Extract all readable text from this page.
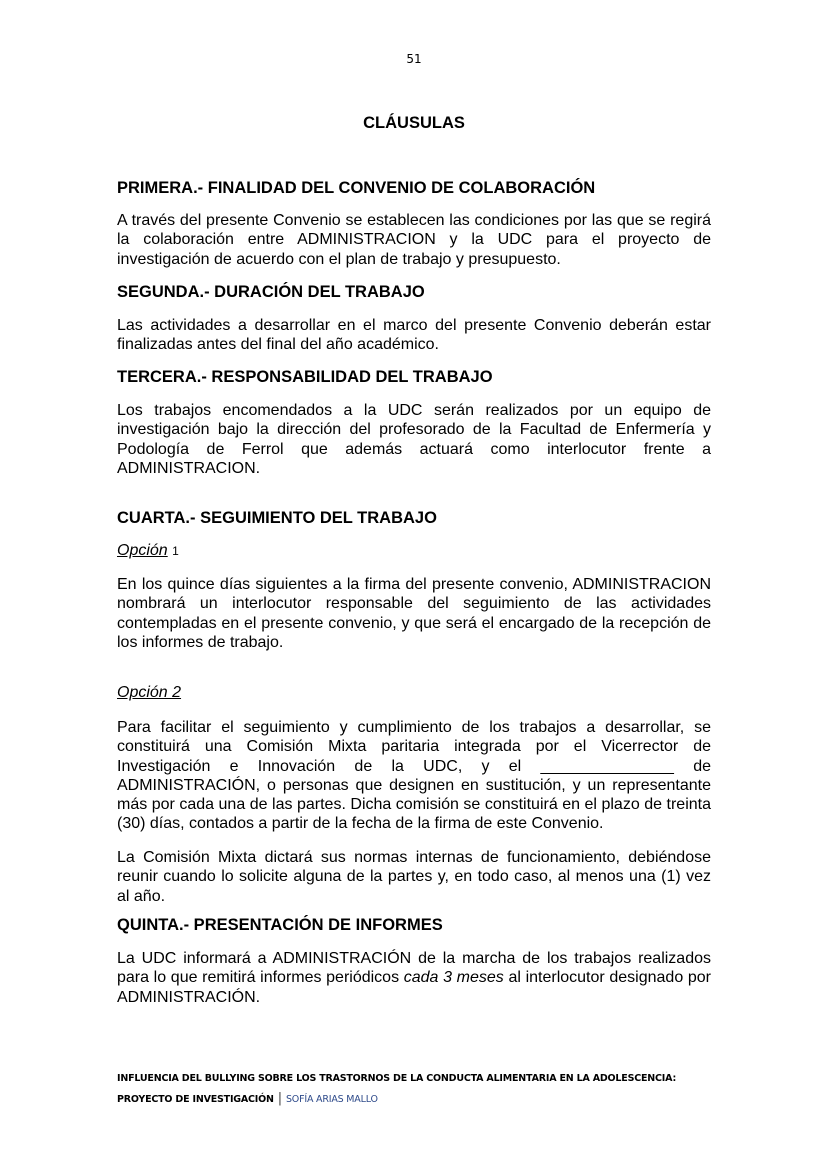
51
CLÁUSULAS
PRIMERA.- FINALIDAD DEL CONVENIO DE COLABORACIÓN
A través del presente Convenio se establecen las condiciones por las que se regirá la colaboración entre ADMINISTRACION y la UDC para el proyecto de investigación de acuerdo con el plan de trabajo y presupuesto.
SEGUNDA.- DURACIÓN DEL TRABAJO
Las actividades a desarrollar en el marco del presente Convenio deberán estar finalizadas antes del final del año académico.
TERCERA.- RESPONSABILIDAD DEL TRABAJO
Los trabajos encomendados a la UDC serán realizados por un equipo de investigación bajo la dirección del profesorado de la Facultad de Enfermería y Podología de Ferrol que además actuará como interlocutor frente a ADMINISTRACION.
CUARTA.- SEGUIMIENTO DEL TRABAJO
Opción 1
En los quince días siguientes a la firma del presente convenio, ADMINISTRACION nombrará un interlocutor responsable del seguimiento de las actividades contempladas en el presente convenio, y que será el encargado de la recepción de los informes de trabajo.
Opción 2
Para facilitar el seguimiento y cumplimiento de los trabajos a desarrollar, se constituirá una Comisión Mixta paritaria integrada por el Vicerrector de Investigación e Innovación de la UDC, y el _______________ de ADMINISTRACIÓN, o personas que designen en sustitución, y un representante más por cada una de las partes. Dicha comisión se constituirá en el plazo de treinta (30) días, contados a partir de la fecha de la firma de este Convenio.
La Comisión Mixta dictará sus normas internas de funcionamiento, debiéndose reunir cuando lo solicite alguna de la partes y, en todo caso, al menos una (1) vez al año.
QUINTA.- PRESENTACIÓN DE INFORMES
La UDC informará a ADMINISTRACIÓN de la marcha de los trabajos realizados para lo que remitirá informes periódicos cada 3 meses al interlocutor designado por ADMINISTRACIÓN.
INFLUENCIA DEL BULLYING SOBRE LOS TRASTORNOS DE LA CONDUCTA ALIMENTARIA EN LA ADOLESCENCIA:
PROYECTO DE INVESTIGACIÓN | SOFÍA ARIAS MALLO
